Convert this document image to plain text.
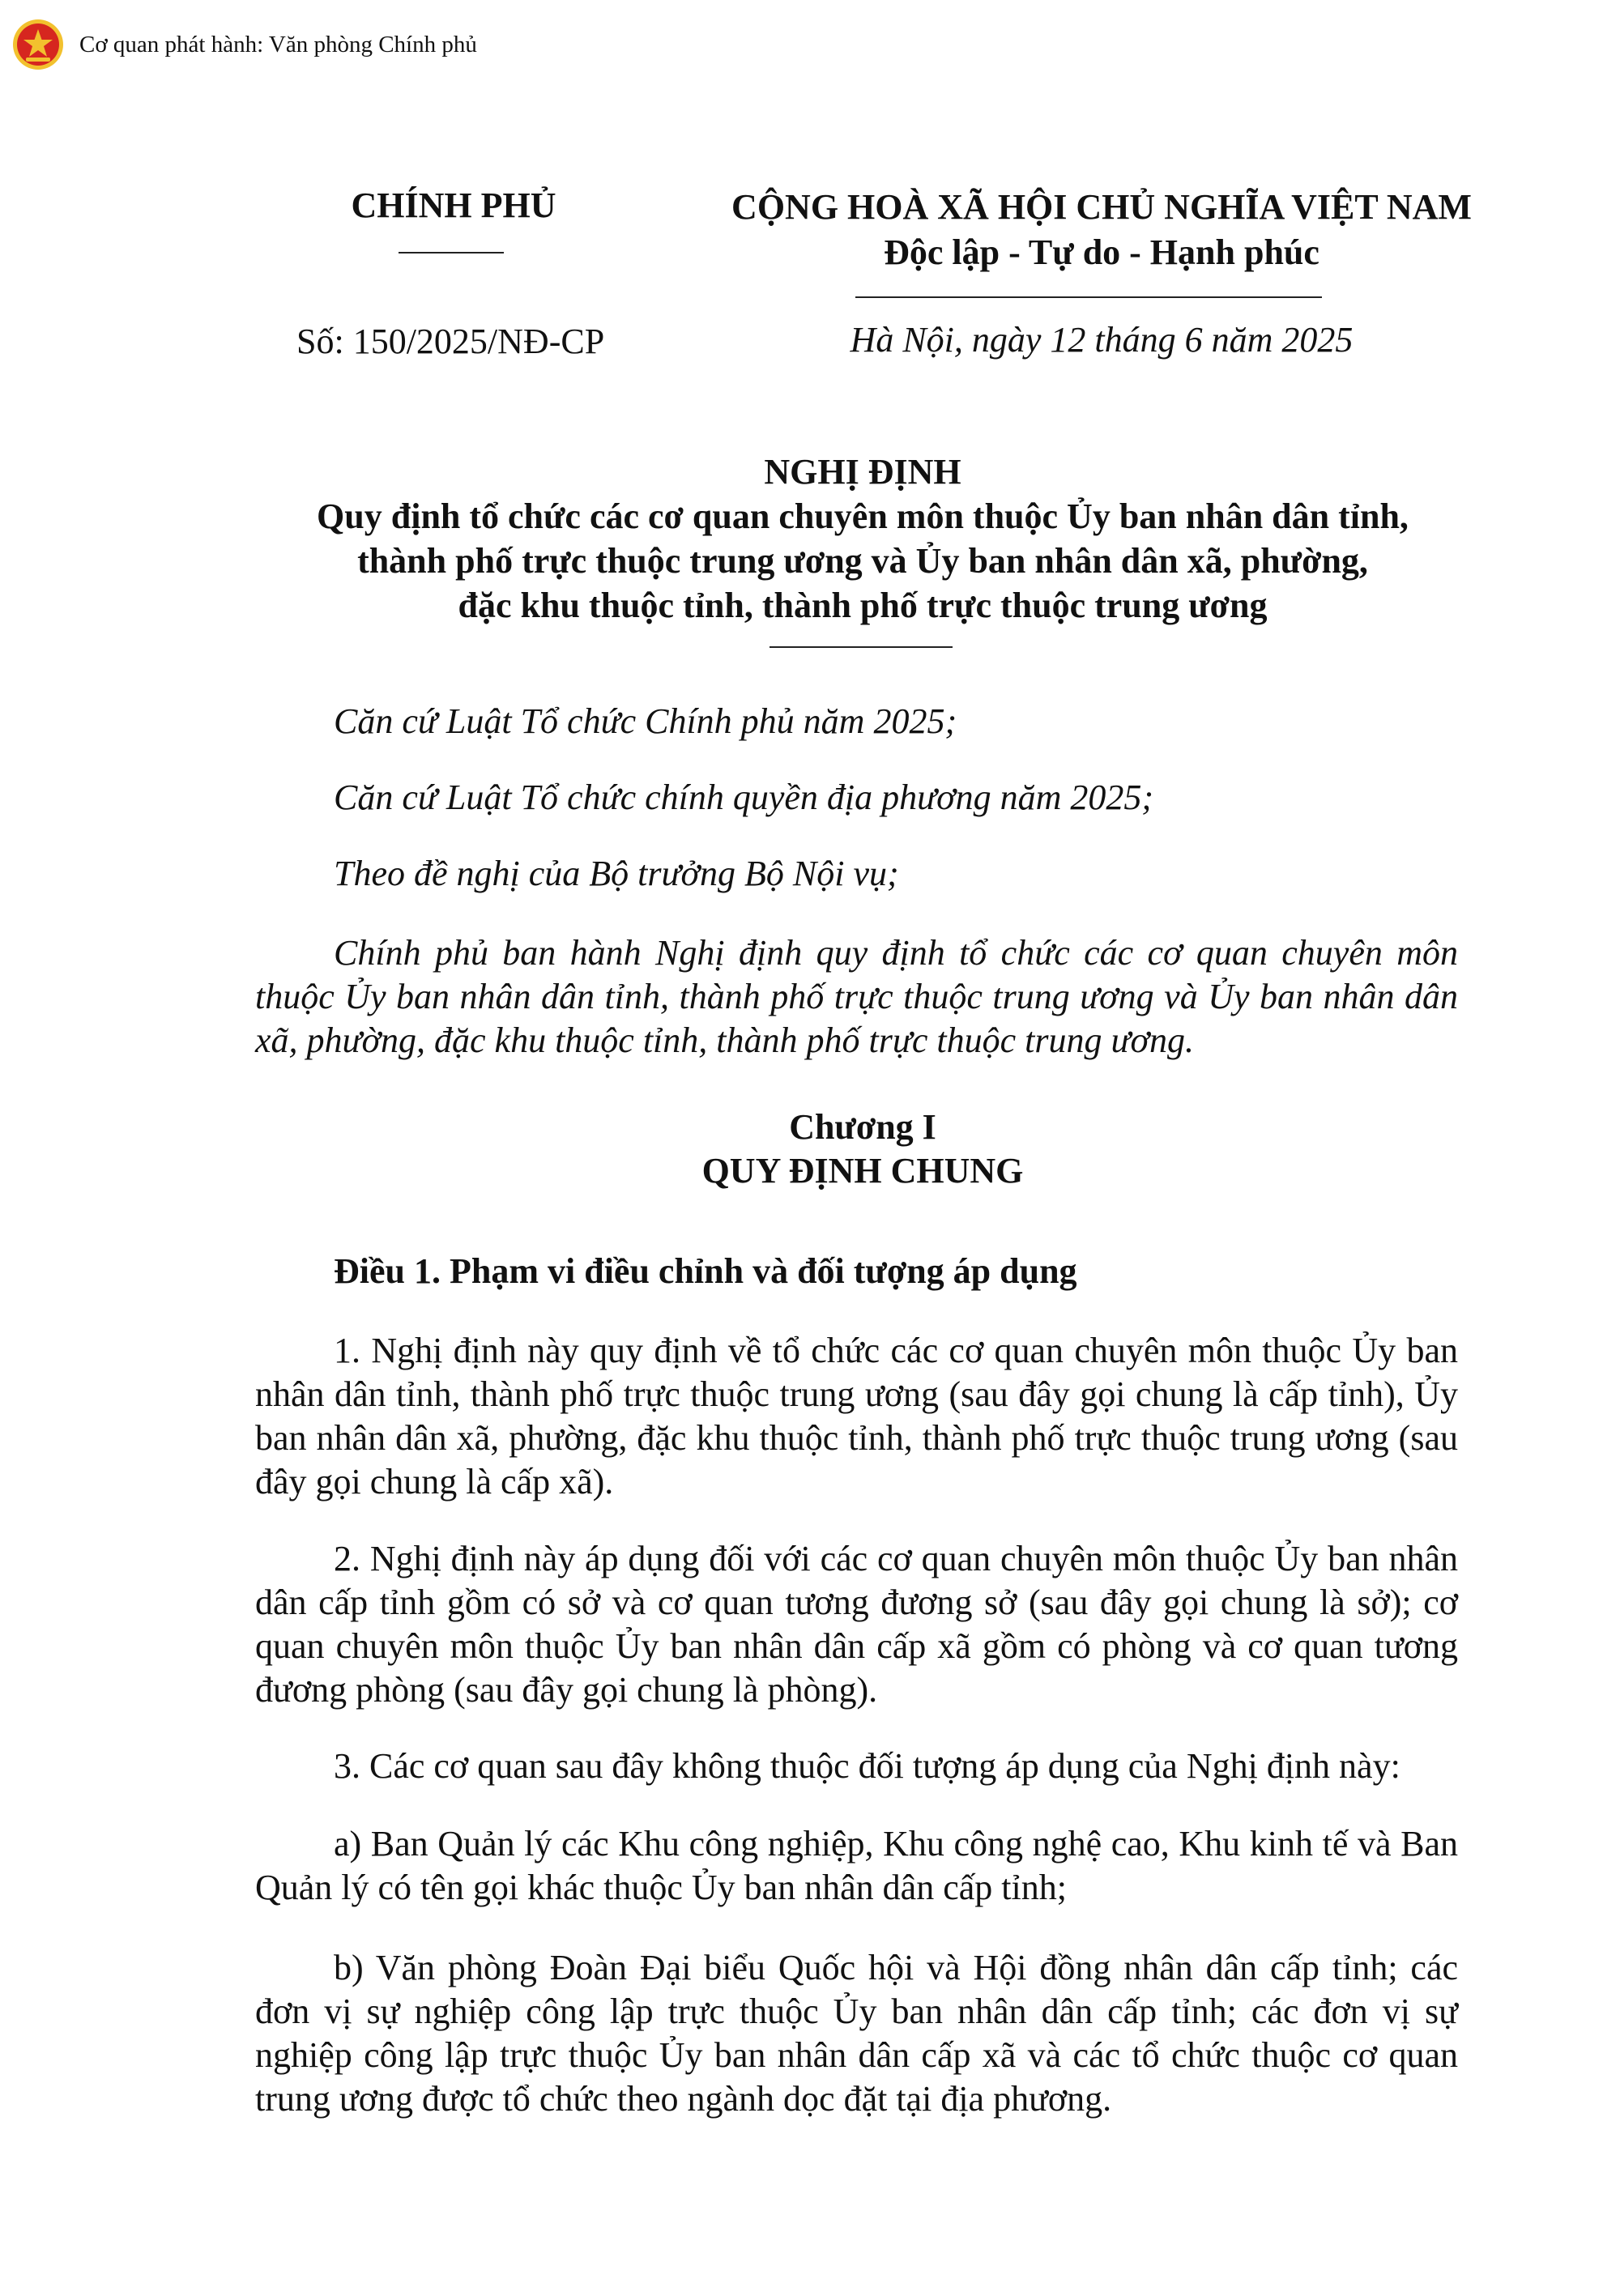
Cơ quan phát hành: Văn phòng Chính phủ
CHÍNH PHỦ	CỘNG HOÀ XÃ HỘI CHỦ NGHĨA VIỆT NAM
Độc lập - Tự do - Hạnh phúc
Số: 150/2025/NĐ-CP	Hà Nội, ngày 12 tháng 6 năm 2025
NGHỊ ĐỊNH
Quy định tổ chức các cơ quan chuyên môn thuộc Ủy ban nhân dân tỉnh,
thành phố trực thuộc trung ương và Ủy ban nhân dân xã, phường,
đặc khu thuộc tỉnh, thành phố trực thuộc trung ương
Căn cứ Luật Tổ chức Chính phủ năm 2025;
Căn cứ Luật Tổ chức chính quyền địa phương năm 2025;
Theo đề nghị của Bộ trưởng Bộ Nội vụ;
Chính phủ ban hành Nghị định quy định tổ chức các cơ quan chuyên môn thuộc Ủy ban nhân dân tỉnh, thành phố trực thuộc trung ương và Ủy ban nhân dân xã, phường, đặc khu thuộc tỉnh, thành phố trực thuộc trung ương.
Chương I
QUY ĐỊNH CHUNG
Điều 1. Phạm vi điều chỉnh và đối tượng áp dụng
1. Nghị định này quy định về tổ chức các cơ quan chuyên môn thuộc Ủy ban nhân dân tỉnh, thành phố trực thuộc trung ương (sau đây gọi chung là cấp tỉnh), Ủy ban nhân dân xã, phường, đặc khu thuộc tỉnh, thành phố trực thuộc trung ương (sau đây gọi chung là cấp xã).
2. Nghị định này áp dụng đối với các cơ quan chuyên môn thuộc Ủy ban nhân dân cấp tỉnh gồm có sở và cơ quan tương đương sở (sau đây gọi chung là sở); cơ quan chuyên môn thuộc Ủy ban nhân dân cấp xã gồm có phòng và cơ quan tương đương phòng (sau đây gọi chung là phòng).
3. Các cơ quan sau đây không thuộc đối tượng áp dụng của Nghị định này:
a) Ban Quản lý các Khu công nghiệp, Khu công nghệ cao, Khu kinh tế và Ban Quản lý có tên gọi khác thuộc Ủy ban nhân dân cấp tỉnh;
b) Văn phòng Đoàn Đại biểu Quốc hội và Hội đồng nhân dân cấp tỉnh; các đơn vị sự nghiệp công lập trực thuộc Ủy ban nhân dân cấp tỉnh; các đơn vị sự nghiệp công lập trực thuộc Ủy ban nhân dân cấp xã và các tổ chức thuộc cơ quan trung ương được tổ chức theo ngành dọc đặt tại địa phương.
